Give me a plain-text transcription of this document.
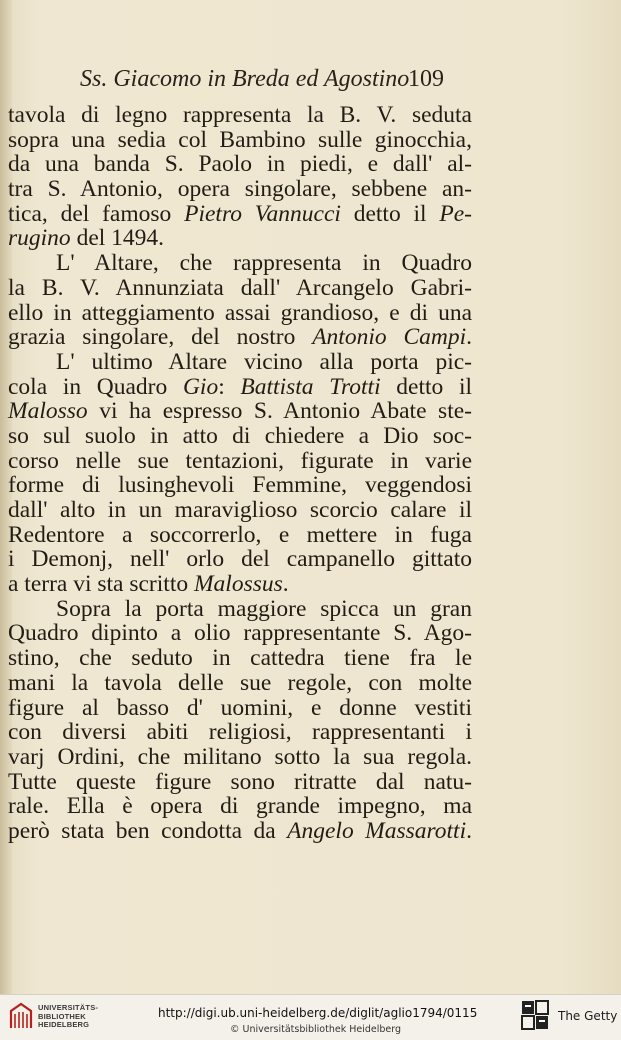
Ss. Giacomo in Breda ed Agostino
109
tavola di legno rappresenta la B. V. seduta
sopra una sedia col Bambino sulle ginocchia,
da una banda S. Paolo in piedi, e dall' al-
tra S. Antonio, opera singolare, sebbene an-
tica, del famoso Pietro Vannucci detto il Pe-
rugino del 1494.
L' Altare, che rappresenta in Quadro
la B. V. Annunziata dall' Arcangelo Gabri-
ello in atteggiamento assai grandioso, e di una
grazia singolare, del nostro Antonio Campi.
L' ultimo Altare vicino alla porta pic-
cola in Quadro Gio: Battista Trotti detto il
Malosso vi ha espresso S. Antonio Abate ste-
so sul suolo in atto di chiedere a Dio soc-
corso nelle sue tentazioni, figurate in varie
forme di lusinghevoli Femmine, veggendosi
dall' alto in un maraviglioso scorcio calare il
Redentore a soccorrerlo, e mettere in fuga
i Demonj, nell' orlo del campanello gittato
a terra vi sta scritto Malossus.
Sopra la porta maggiore spicca un gran
Quadro dipinto a olio rappresentante S. Ago-
stino, che seduto in cattedra tiene fra le
mani la tavola delle sue regole, con molte
figure al basso d' uomini, e donne vestiti
con diversi abiti religiosi, rappresentanti i
varj Ordini, che militano sotto la sua regola.
Tutte queste figure sono ritratte dal natu-
rale. Ella è opera di grande impegno, ma
però stata ben condotta da Angelo Massarotti.
UNIVERSITÄTS-
BIBLIOTHEK
HEIDELBERG
http://digi.ub.uni-heidelberg.de/diglit/aglio1794/0115
© Universitätsbibliothek Heidelberg
The Getty
